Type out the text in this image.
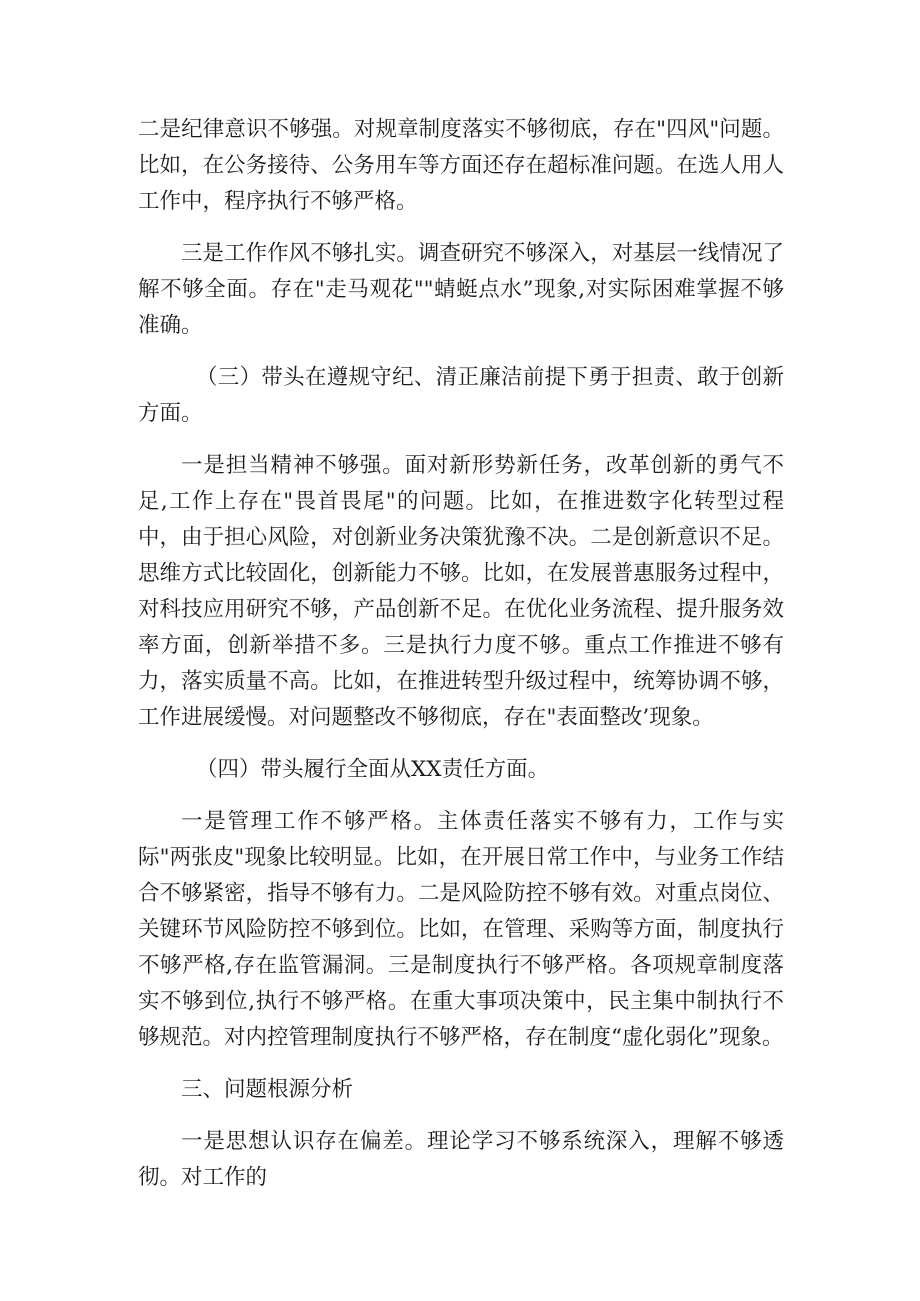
二是纪律意识不够强。对规章制度落实不够彻底，存在"四风"问题。比如，在公务接待、公务用车等方面还存在超标准问题。在选人用人工作中，程序执行不够严格。

三是工作作风不够扎实。调查研究不够深入，对基层一线情况了解不够全面。存在"走马观花""蜻蜓点水”现象,对实际困难掌握不够准确。

（三）带头在遵规守纪、清正廉洁前提下勇于担责、敢于创新方面。

一是担当精神不够强。面对新形势新任务，改革创新的勇气不足,工作上存在"畏首畏尾"的问题。比如，在推进数字化转型过程中，由于担心风险，对创新业务决策犹豫不决。二是创新意识不足。思维方式比较固化，创新能力不够。比如，在发展普惠服务过程中，对科技应用研究不够，产品创新不足。在优化业务流程、提升服务效率方面，创新举措不多。三是执行力度不够。重点工作推进不够有力，落实质量不高。比如，在推进转型升级过程中，统筹协调不够，工作进展缓慢。对问题整改不够彻底，存在"表面整改’现象。

（四）带头履行全面从XX责任方面。

一是管理工作不够严格。主体责任落实不够有力，工作与实际"两张皮"现象比较明显。比如，在开展日常工作中，与业务工作结合不够紧密，指导不够有力。二是风险防控不够有效。对重点岗位、关键环节风险防控不够到位。比如，在管理、采购等方面，制度执行不够严格,存在监管漏洞。三是制度执行不够严格。各项规章制度落实不够到位,执行不够严格。在重大事项决策中，民主集中制执行不够规范。对内控管理制度执行不够严格，存在制度“虚化弱化”现象。

三、问题根源分析

一是思想认识存在偏差。理论学习不够系统深入，理解不够透彻。对工作的
